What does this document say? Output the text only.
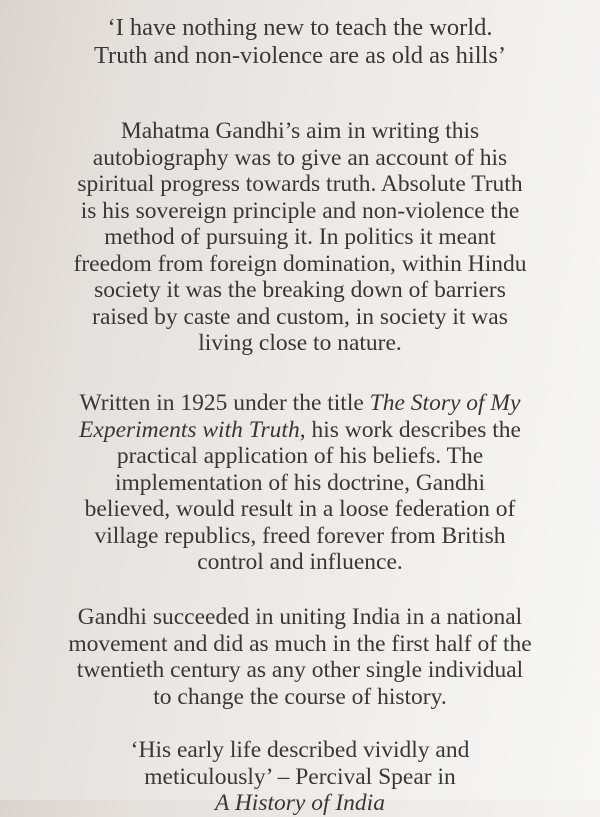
‘I have nothing new to teach the world.
Truth and non-violence are as old as hills’
Mahatma Gandhi’s aim in writing this
autobiography was to give an account of his
spiritual progress towards truth. Absolute Truth
is his sovereign principle and non-violence the
method of pursuing it. In politics it meant
freedom from foreign domination, within Hindu
society it was the breaking down of barriers
raised by caste and custom, in society it was
living close to nature.
Written in 1925 under the title The Story of My
Experiments with Truth, his work describes the
practical application of his beliefs. The
implementation of his doctrine, Gandhi
believed, would result in a loose federation of
village republics, freed forever from British
control and influence.
Gandhi succeeded in uniting India in a national
movement and did as much in the first half of the
twentieth century as any other single individual
to change the course of history.
‘His early life described vividly and
meticulously’ – Percival Spear in
A History of India
